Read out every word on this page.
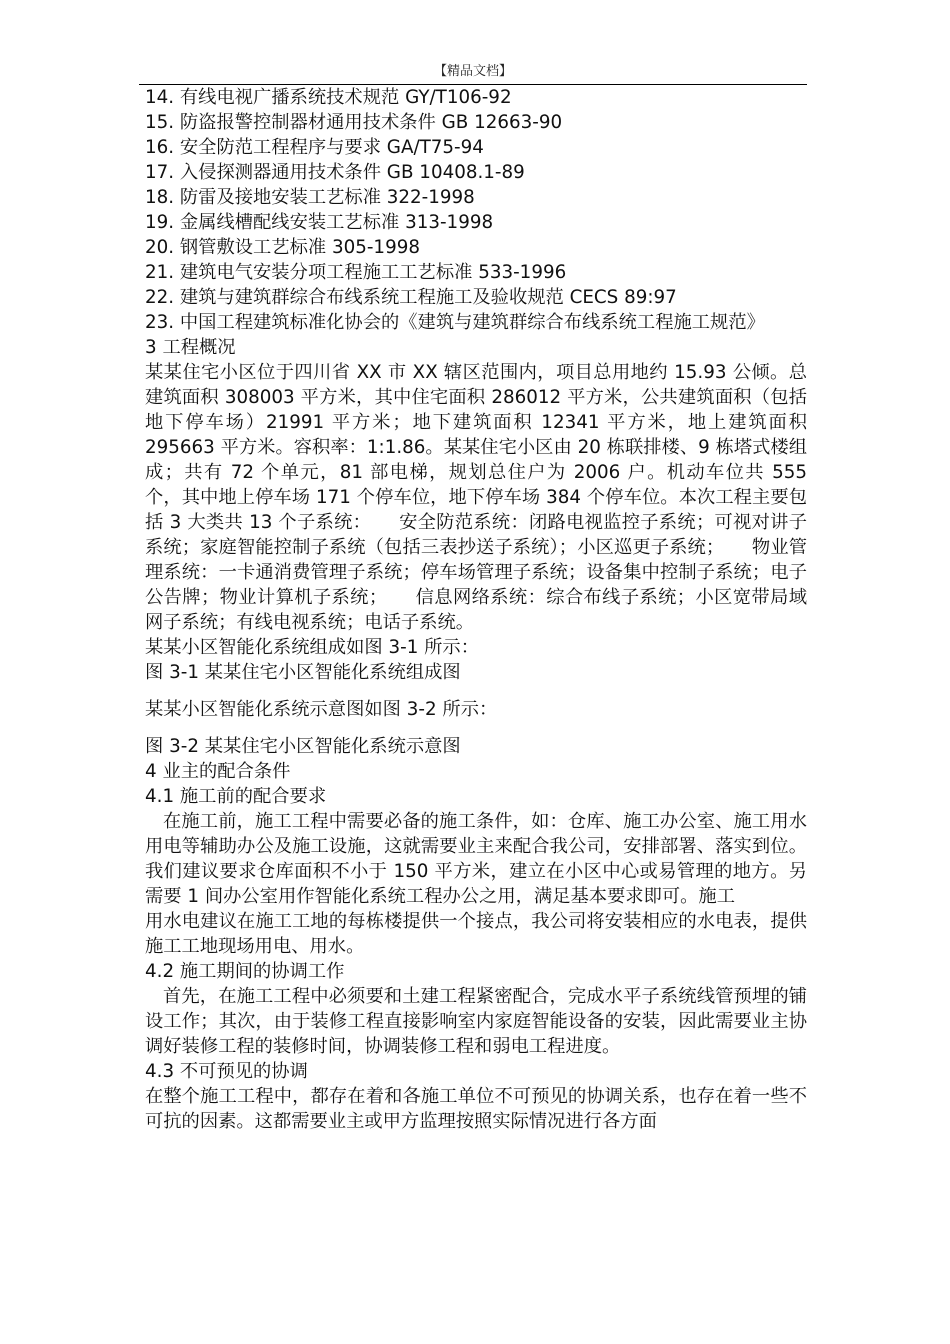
【精品文档】
14. 有线电视广播系统技术规范 GY/T106-92
15. 防盗报警控制器材通用技术条件 GB 12663-90
16. 安全防范工程程序与要求 GA/T75-94
17. 入侵探测器通用技术条件 GB 10408.1-89
18. 防雷及接地安装工艺标准 322-1998
19. 金属线槽配线安装工艺标准 313-1998
20. 钢管敷设工艺标准 305-1998
21. 建筑电气安装分项工程施工工艺标准 533-1996
22. 建筑与建筑群综合布线系统工程施工及验收规范 CECS 89:97
23. 中国工程建筑标准化协会的《建筑与建筑群综合布线系统工程施工规范》
3 工程概况
某某住宅小区位于四川省 XX 市 XX 辖区范围内，项目总用地约 15.93 公倾。总建筑面积 308003 平方米，其中住宅面积 286012 平方米，公共建筑面积（包括地下停车场）21991 平方米；地下建筑面积 12341 平方米，地上建筑面积 295663 平方米。容积率：1:1.86。某某住宅小区由 20 栋联排楼、9 栋塔式楼组成；共有 72 个单元，81 部电梯，规划总住户为 2006 户。机动车位共 555 个，其中地上停车场 171 个停车位，地下停车场 384 个停车位。本次工程主要包括 3 大类共 13 个子系统：　　安全防范系统：闭路电视监控子系统；可视对讲子系统；家庭智能控制子系统（包括三表抄送子系统）；小区巡更子系统；　　物业管理系统：一卡通消费管理子系统；停车场管理子系统；设备集中控制子系统；电子公告牌；物业计算机子系统；　　信息网络系统：综合布线子系统；小区宽带局域网子系统；有线电视系统；电话子系统。
某某小区智能化系统组成如图 3-1 所示：
图 3-1 某某住宅小区智能化系统组成图
某某小区智能化系统示意图如图 3-2 所示：
图 3-2 某某住宅小区智能化系统示意图
4 业主的配合条件
4.1 施工前的配合要求
在施工前，施工工程中需要必备的施工条件，如：仓库、施工办公室、施工用水用电等辅助办公及施工设施，这就需要业主来配合我公司，安排部署、落实到位。我们建议要求仓库面积不小于 150 平方米，建立在小区中心或易管理的地方。另需要 1 间办公室用作智能化系统工程办公之用，满足基本要求即可。施工
用水电建议在施工工地的每栋楼提供一个接点，我公司将安装相应的水电表，提供施工工地现场用电、用水。
4.2 施工期间的协调工作
首先，在施工工程中必须要和土建工程紧密配合，完成水平子系统线管预埋的铺设工作；其次，由于装修工程直接影响室内家庭智能设备的安装，因此需要业主协调好装修工程的装修时间，协调装修工程和弱电工程进度。
4.3 不可预见的协调
在整个施工工程中，都存在着和各施工单位不可预见的协调关系，也存在着一些不可抗的因素。这都需要业主或甲方监理按照实际情况进行各方面
